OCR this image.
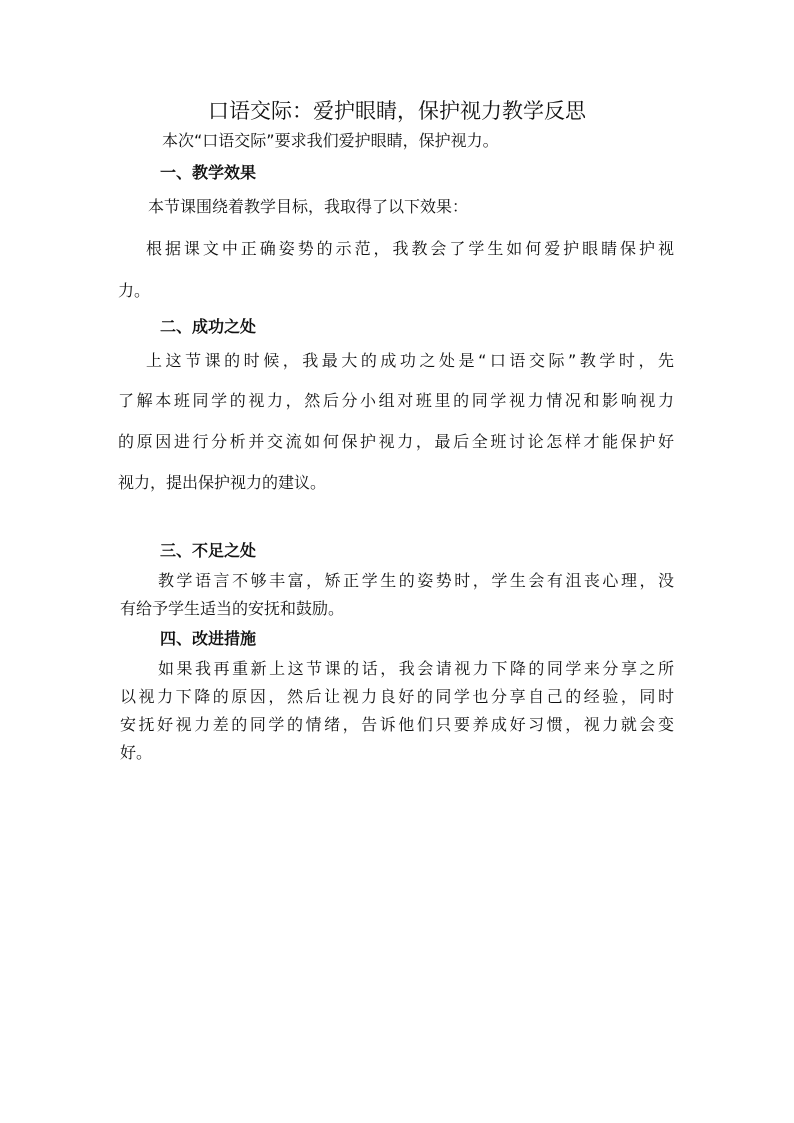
口语交际：爱护眼睛，保护视力教学反思
本次“口语交际”要求我们爱护眼睛，保护视力。
一、教学效果
本节课围绕着教学目标，我取得了以下效果：
根据课文中正确姿势的示范，我教会了学生如何爱护眼睛保护视
力。
二、成功之处
上这节课的时候，我最大的成功之处是“口语交际”教学时，先
了解本班同学的视力，然后分小组对班里的同学视力情况和影响视力
的原因进行分析并交流如何保护视力，最后全班讨论怎样才能保护好
视力，提出保护视力的建议。
三、不足之处
教学语言不够丰富，矫正学生的姿势时，学生会有沮丧心理，没
有给予学生适当的安抚和鼓励。
四、改进措施
如果我再重新上这节课的话，我会请视力下降的同学来分享之所
以视力下降的原因，然后让视力良好的同学也分享自己的经验，同时
安抚好视力差的同学的情绪，告诉他们只要养成好习惯，视力就会变
好。
